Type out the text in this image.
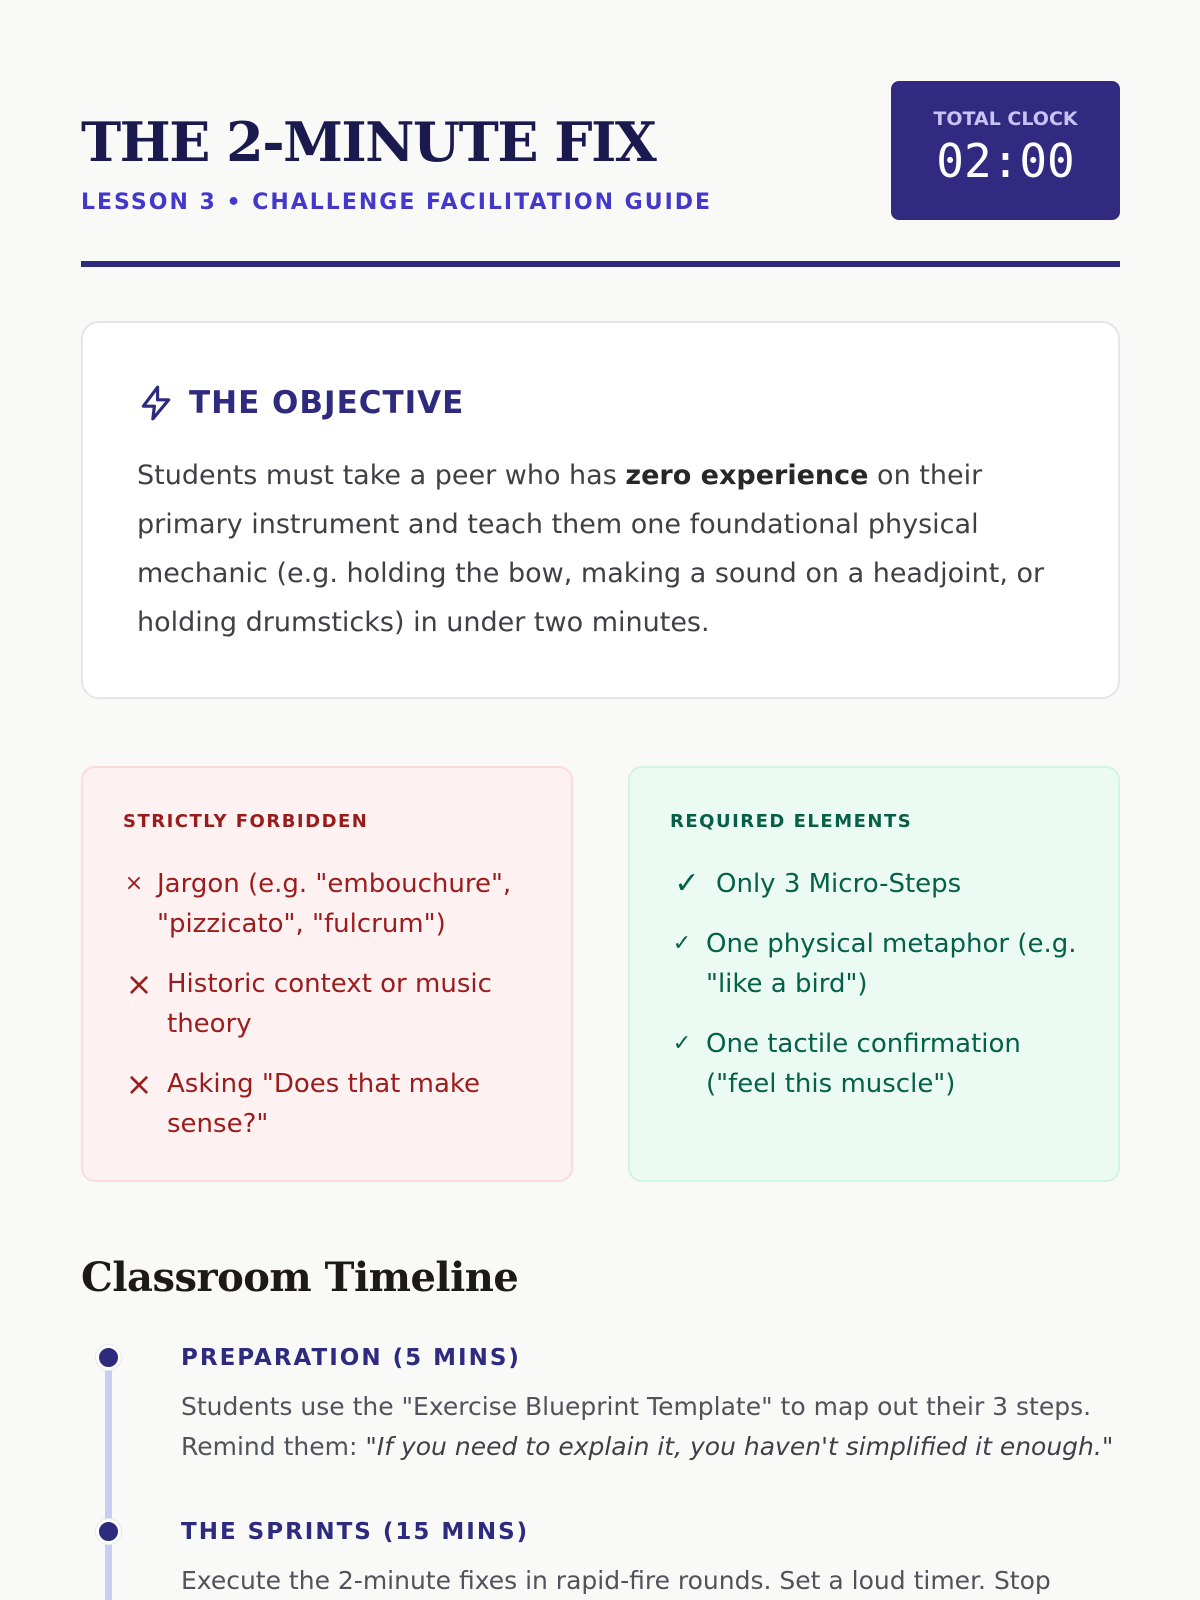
THE 2-MINUTE FIX
LESSON 3 • CHALLENGE FACILITATION GUIDE
TOTAL CLOCK
02:00
THE OBJECTIVE

Students must take a peer who has zero experience on their primary instrument and teach them one foundational physical mechanic (e.g. holding the bow, making a sound on a headjoint, or holding drumsticks) in under two minutes.

STRICTLY FORBIDDEN
× Jargon (e.g. "embouchure", "pizzicato", "fulcrum")
× Historic context or music theory
× Asking "Does that make sense?"
REQUIRED ELEMENTS
✓ Only 3 Micro-Steps
✓ One physical metaphor (e.g. "like a bird")
✓ One tactile confirmation ("feel this muscle")
Classroom Timeline
PREPARATION (5 MINS)

Students use the "Exercise Blueprint Template" to map out their 3 steps. Remind them: "If you need to explain it, you haven't simplified it enough."

THE SPRINTS (15 MINS)

Execute the 2-minute fixes in rapid-fire rounds. Set a loud timer. Stop
